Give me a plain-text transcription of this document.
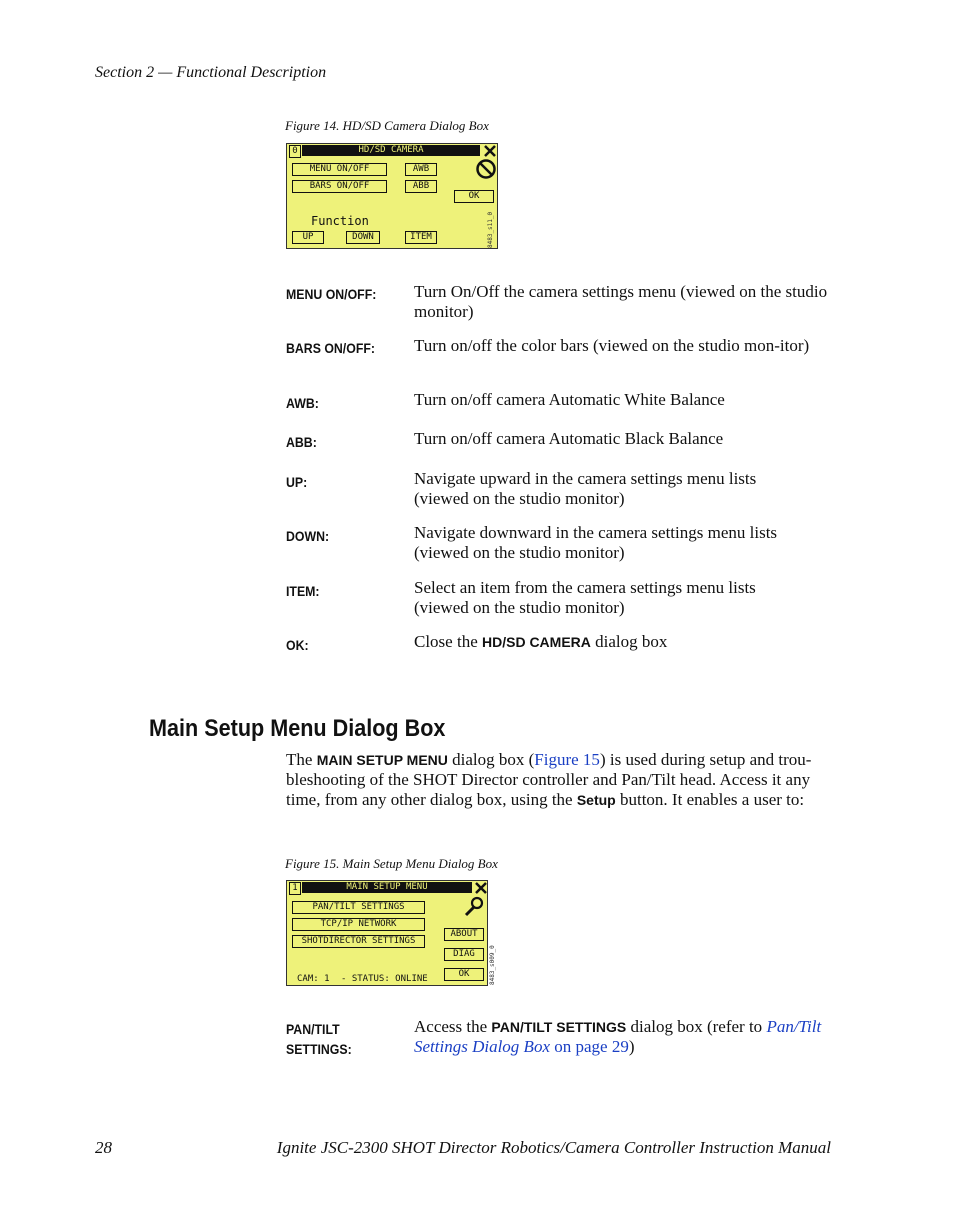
Section 2 — Functional Description
Figure 14. HD/SD Camera Dialog Box
0	HD/SD CAMERA
MENU ON/OFF
BARS ON/OFF
AWB
ABB
OK
Function
UP	DOWN	ITEM	8483_s11_0
MENU ON/OFF: Turn On/Off the camera settings menu (viewed on the studio monitor)
BARS ON/OFF: Turn on/off the color bars (viewed on the studio mon-itor)
AWB:	Turn on/off camera Automatic White Balance
ABB:	Turn on/off camera Automatic Black Balance
UP:	Navigate upward in the camera settings menu lists (viewed on the studio monitor)
DOWN:	Navigate downward in the camera settings menu lists (viewed on the studio monitor)
ITEM:	Select an item from the camera settings menu lists (viewed on the studio monitor)
OK:	Close the HD/SD CAMERA dialog box
Main Setup Menu Dialog Box
The MAIN SETUP MENU dialog box (Figure 15) is used during setup and trou-bleshooting of the SHOT Director controller and Pan/Tilt head. Access it any time, from any other dialog box, using the Setup button. It enables a user to:
Figure 15. Main Setup Menu Dialog Box
1	MAIN SETUP MENU
PAN/TILT SETTINGS
TCP/IP NETWORK
SHOTDIRECTOR SETTINGS
ABOUT
DIAG
OK
CAM: 1 - STATUS: ONLINE	8483_s009_0
PAN/TILT
SETTINGS:
Access the PAN/TILT SETTINGS dialog box (refer to Pan/Tilt
Settings Dialog Box on page 29)
28	Ignite JSC-2300 SHOT Director Robotics/Camera Controller Instruction Manual
